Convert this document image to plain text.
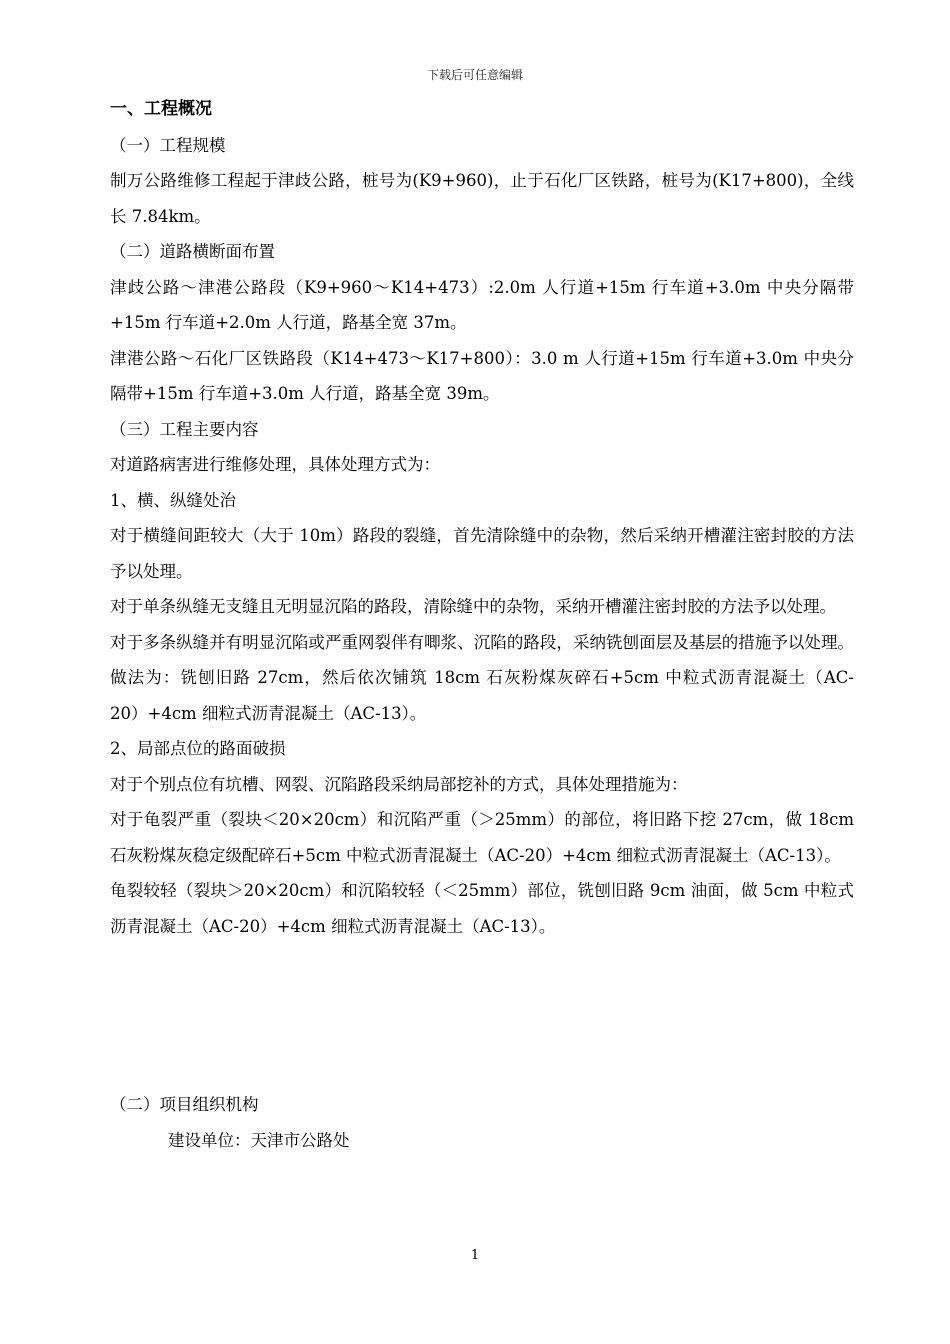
下载后可任意编辑

一、工程概况

（一）工程规模

制万公路维修工程起于津歧公路，桩号为(K9+960)，止于石化厂区铁路，桩号为(K17+800)，全线长 7.84km。

（二）道路横断面布置

津歧公路～津港公路段（K9+960～K14+473）:2.0m 人行道+15m 行车道+3.0m 中央分隔带+15m 行车道+2.0m 人行道，路基全宽 37m。

津港公路～石化厂区铁路段（K14+473～K17+800）：3.0 m 人行道+15m 行车道+3.0m 中央分隔带+15m 行车道+3.0m 人行道，路基全宽 39m。

（三）工程主要内容

对道路病害进行维修处理，具体处理方式为：

1、横、纵缝处治

对于横缝间距较大（大于 10m）路段的裂缝，首先清除缝中的杂物，然后采纳开槽灌注密封胶的方法予以处理。

对于单条纵缝无支缝且无明显沉陷的路段，清除缝中的杂物，采纳开槽灌注密封胶的方法予以处理。

对于多条纵缝并有明显沉陷或严重网裂伴有唧浆、沉陷的路段，采纳铣刨面层及基层的措施予以处理。做法为：铣刨旧路 27cm，然后依次铺筑 18cm 石灰粉煤灰碎石+5cm 中粒式沥青混凝土（AC-20）+4cm 细粒式沥青混凝土（AC-13）。

2、局部点位的路面破损

对于个别点位有坑槽、网裂、沉陷路段采纳局部挖补的方式，具体处理措施为：

对于龟裂严重（裂块＜20×20cm）和沉陷严重（＞25mm）的部位，将旧路下挖 27cm，做 18cm 石灰粉煤灰稳定级配碎石+5cm 中粒式沥青混凝土（AC-20）+4cm 细粒式沥青混凝土（AC-13）。

龟裂较轻（裂块＞20×20cm）和沉陷较轻（＜25mm）部位，铣刨旧路 9cm 油面，做 5cm 中粒式沥青混凝土（AC-20）+4cm 细粒式沥青混凝土（AC-13）。

（二）项目组织机构

建设单位：天津市公路处

1
